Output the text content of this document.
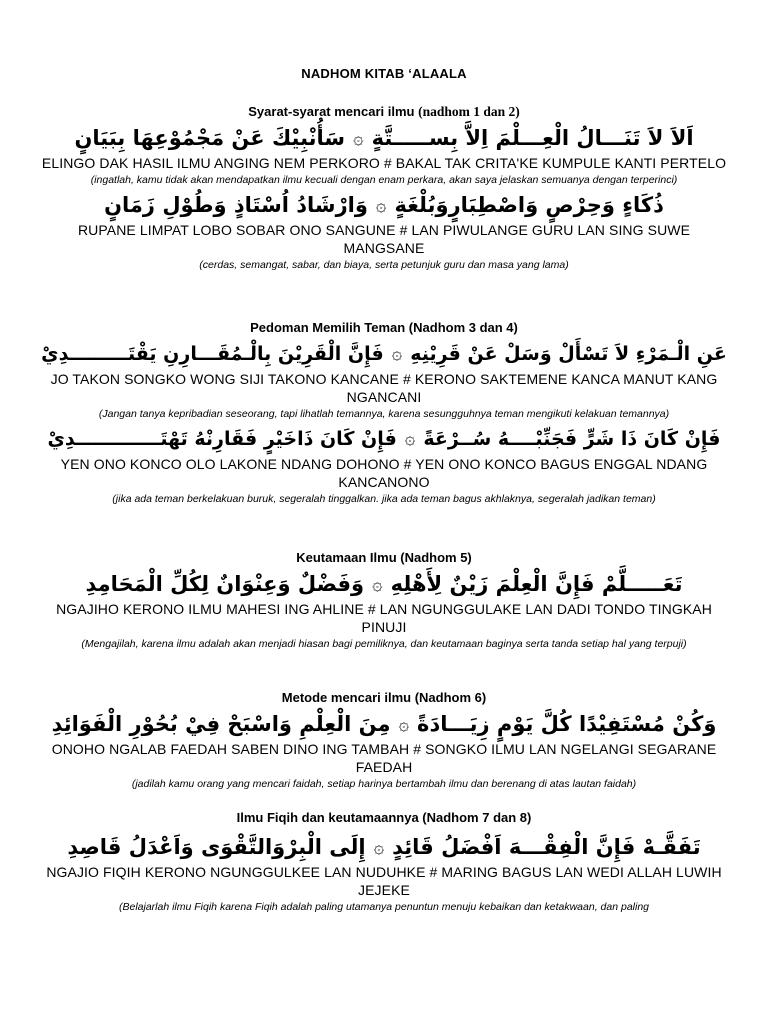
NADHOM KITAB ‘ALAALA
Syarat-syarat mencari ilmu (nadhom 1 dan 2)
اَلاَ لاَ تَنَـــالُ الْعِـــلْمَ اِلاَّ بِســـــتَّةٍ۞سَأُنْبِيْكَ عَنْ مَجْمُوْعِهَا بِبَيَانٍ
ELINGO DAK HASIL ILMU ANGING NEM PERKORO # BAKAL TAK CRITA'KE KUMPULE KANTI PERTELO
(ingatlah, kamu tidak akan mendapatkan ilmu kecuali dengan enam perkara, akan saya jelaskan semuanya dengan terperinci)
ذُكَاءٍ وَحِرْصٍ وَاصْطِبَارٍوَبُلْغَةٍ۞وَارْشَادُ اُسْتَاذٍ وَطُوْلِ زَمَانٍ
RUPANE LIMPAT LOBO SOBAR ONO SANGUNE # LAN PIWULANGE GURU LAN SING SUWE MANGSANE
(cerdas, semangat, sabar, dan biaya, serta petunjuk guru dan masa yang lama)
Pedoman Memilih Teman (Nadhom 3 dan 4)
عَنِ الْـمَرْءِ لاَ تَسْأَلْ وَسَلْ عَنْ قَرِيْنِهِ۞فَإِنَّ الْقَرِيْنَ بِالْـمُقَـــارِنِ يَقْتَـــــــــدِيْ
JO TAKON SONGKO WONG SIJI TAKONO KANCANE # KERONO SAKTEMENE KANCA MANUT KANG NGANCANI
(Jangan tanya kepribadian seseorang, tapi lihatlah temannya, karena sesungguhnya teman mengikuti kelakuan temannya)
فَإِنْ كَانَ ذَا شَرٍّ فَجَنِّبْــــهُ سُــرْعَةً۞فَإِنْ كَانَ ذَاخَيْرٍ فَقَارِنْهُ تَهْتَـــــــــــــدِيْ
YEN ONO KONCO OLO LAKONE NDANG DOHONO # YEN ONO KONCO BAGUS ENGGAL NDANG KANCANONO
(jika ada teman berkelakuan buruk, segeralah tinggalkan. jika ada teman bagus akhlaknya, segeralah jadikan teman)
Keutamaan Ilmu (Nadhom 5)
تَعَـــــلَّمْ فَإِنَّ الْعِلْمَ زَيْنٌ لِأَهْلِهِ۞وَفَضْلٌ وَعِنْوَانٌ لِكُلِّ الْمَحَامِدِ
NGAJIHO KERONO ILMU MAHESI ING AHLINE # LAN NGUNGGULAKE LAN DADI TONDO TINGKAH PINUJI
(Mengajilah, karena ilmu adalah akan menjadi hiasan bagi pemiliknya, dan keutamaan baginya serta tanda setiap hal yang terpuji)
Metode mencari ilmu (Nadhom 6)
وَكُنْ مُسْتَفِيْدًا كُلَّ يَوْمٍ زِيَـــادَةً۞مِنَ الْعِلْمِ وَاسْبَحْ فِيْ بُحُوْرِ الْفَوَائِدِ
ONOHO NGALAB FAEDAH SABEN DINO ING TAMBAH # SONGKO ILMU LAN NGELANGI SEGARANE FAEDAH
(jadilah kamu orang yang mencari faidah, setiap harinya bertambah ilmu dan berenang di atas lautan faidah)
Ilmu Fiqih dan keutamaannya (Nadhom 7 dan 8)
تَفَقَّـهْ فَإِنَّ الْفِقْـــهَ اَفْضَلُ قَائِدٍ۞إِلَى الْبِرْوَالتَّقْوَى وَاَعْدَلُ قَاصِدِ
NGAJIO FIQIH KERONO NGUNGGULKEE LAN NUDUHKE # MARING BAGUS LAN WEDI ALLAH LUWIH JEJEKE
(Belajarlah ilmu Fiqih karena Fiqih adalah paling utamanya penuntun menuju kebaikan dan ketakwaan, dan paling
